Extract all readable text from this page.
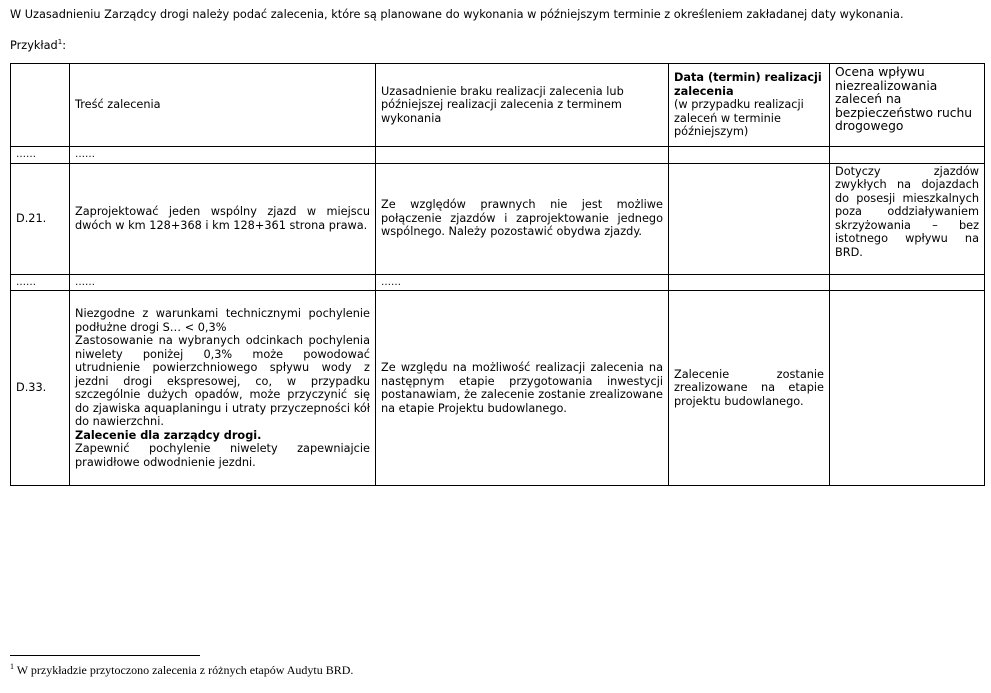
W Uzasadnieniu Zarządcy drogi należy podać zalecenia, które są planowane do wykonania w późniejszym terminie z określeniem zakładanej daty wykonania.
Przykład$^1$:
	Treść zalecenia	Uzasadnienie braku realizacji zalecenia lub późniejszej realizacji zalecenia z terminem wykonania	Data (termin) realizacji zalecenia
(w przypadku realizacji zaleceń w terminie późniejszym)	Ocena wpływu niezrealizowania zaleceń na bezpieczeństwo ruchu drogowego
……	……			
D.21.	Zaprojektować jeden wspólny zjazd w miejscu dwóch w km 128+368 i km 128+361 strona prawa.	Ze względów prawnych nie jest możliwe połączenie zjazdów i zaprojektowanie jednego wspólnego. Należy pozostawić obydwa zjazdy.		Dotyczy zjazdów zwykłych na dojazdach do posesji mieszkalnych poza oddziaływaniem skrzyżowania – bez istotnego wpływu na BRD.
……	……	……		
D.33.	Niezgodne z warunkami technicznymi pochylenie podłużne drogi S… < 0,3%
Zastosowanie na wybranych odcinkach pochylenia niwelety poniżej 0,3% może powodować utrudnienie powierzchniowego spływu wody z jezdni drogi ekspresowej, co, w przypadku szczególnie dużych opadów, może przyczynić się do zjawiska aquaplaningu i utraty przyczepności kół do nawierzchni.
Zalecenie dla zarządcy drogi.
Zapewnić pochylenie niwelety zapewniajcie prawidłowe odwodnienie jezdni.	Ze względu na możliwość realizacji zalecenia na następnym etapie przygotowania inwestycji postanawiam, że zalecenie zostanie zrealizowane na etapie Projektu budowlanego.	Zalecenie zostanie zrealizowane na etapie projektu budowlanego.	
$^1$ W przykładzie przytoczono zalecenia z różnych etapów Audytu BRD.
